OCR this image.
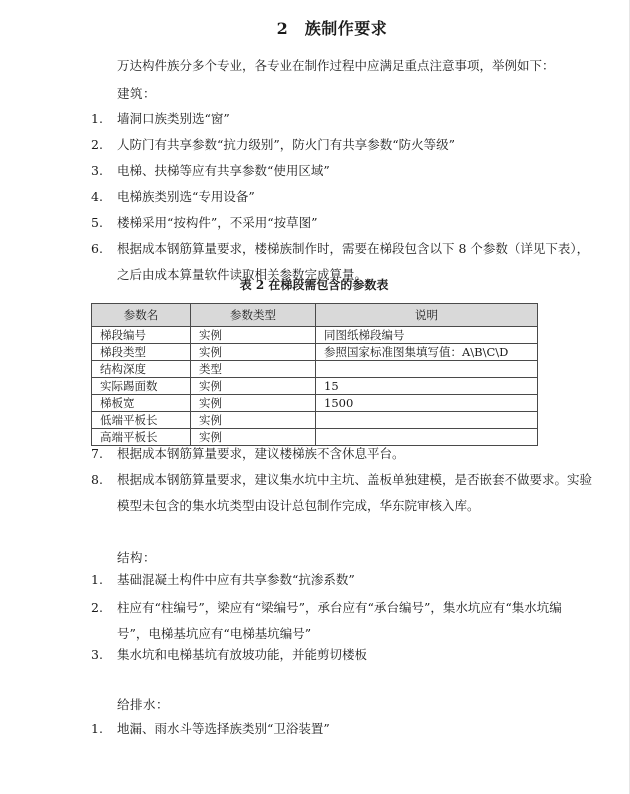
2　族制作要求
万达构件族分多个专业，各专业在制作过程中应满足重点注意事项，举例如下：
建筑：
1.	墙洞口族类别选“窗”
2.	人防门有共享参数“抗力级别”，防火门有共享参数“防火等级”
3.	电梯、扶梯等应有共享参数“使用区域”
4.	电梯族类别选“专用设备”
5.	楼梯采用“按构件”，不采用“按草图”
6.	根据成本钢筋算量要求，楼梯族制作时，需要在梯段包含以下 8 个参数（详见下表），
之后由成本算量软件读取相关参数完成算量。
表 2 在梯段需包含的参数表
参数名	参数类型	说明
梯段编号	实例	同图纸梯段编号
梯段类型	实例	参照国家标准图集填写值：A\B\C\D
结构深度	类型	
实际踢面数	实例	15
梯板宽	实例	1500
低端平板长	实例	
高端平板长	实例	
7.	根据成本钢筋算量要求，建议楼梯族不含休息平台。
8.	根据成本钢筋算量要求，建议集水坑中主坑、盖板单独建模，是否嵌套不做要求。实验
模型未包含的集水坑类型由设计总包制作完成，华东院审核入库。
结构：
1.	基础混凝土构件中应有共享参数“抗渗系数”
2.	柱应有“柱编号”，梁应有“梁编号”，承台应有“承台编号”，集水坑应有“集水坑编
号”，电梯基坑应有“电梯基坑编号”
3.	集水坑和电梯基坑有放坡功能，并能剪切楼板
给排水：
1.	地漏、雨水斗等选择族类别“卫浴装置”
